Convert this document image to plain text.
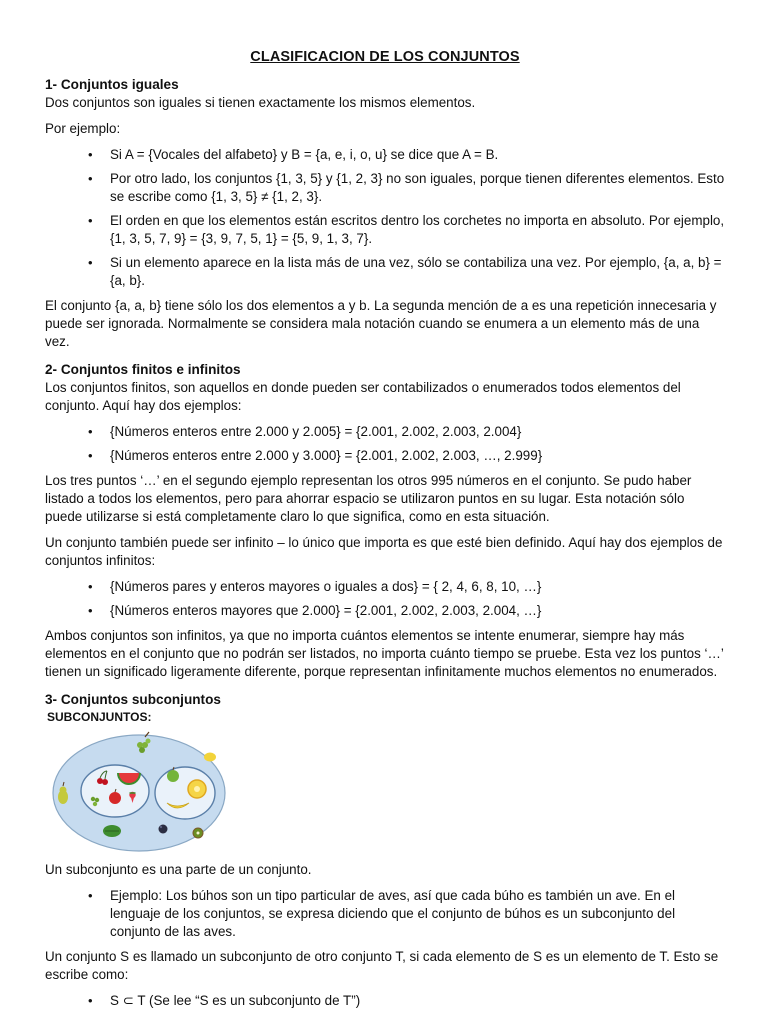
CLASIFICACION DE LOS CONJUNTOS
1- Conjuntos iguales

Dos conjuntos son iguales si tienen exactamente los mismos elementos.

Por ejemplo:

• Si A = {Vocales del alfabeto} y B = {a, e, i, o, u} se dice que A = B.
• Por otro lado, los conjuntos {1, 3, 5} y {1, 2, 3} no son iguales, porque tienen diferentes elementos. Esto se escribe como {1, 3, 5} ≠ {1, 2, 3}.
• El orden en que los elementos están escritos dentro los corchetes no importa en absoluto. Por ejemplo, {1, 3, 5, 7, 9} = {3, 9, 7, 5, 1} = {5, 9, 1, 3, 7}.
• Si un elemento aparece en la lista más de una vez, sólo se contabiliza una vez. Por ejemplo, {a, a, b} = {a, b}.

El conjunto {a, a, b} tiene sólo los dos elementos a y b. La segunda mención de a es una repetición innecesaria y puede ser ignorada. Normalmente se considera mala notación cuando se enumera a un elemento más de una vez.

2- Conjuntos finitos e infinitos

Los conjuntos finitos, son aquellos en donde pueden ser contabilizados o enumerados todos elementos del conjunto. Aquí hay dos ejemplos:

• {Números enteros entre 2.000 y 2.005} = {2.001, 2.002, 2.003, 2.004}
• {Números enteros entre 2.000 y 3.000} = {2.001, 2.002, 2.003, …, 2.999}

Los tres puntos ‘…’ en el segundo ejemplo representan los otros 995 números en el conjunto. Se pudo haber listado a todos los elementos, pero para ahorrar espacio se utilizaron puntos en su lugar. Esta notación sólo puede utilizarse si está completamente claro lo que significa, como en esta situación.

Un conjunto también puede ser infinito – lo único que importa es que esté bien definido. Aquí hay dos ejemplos de conjuntos infinitos:

• {Números pares y enteros mayores o iguales a dos} = { 2, 4, 6, 8, 10, …}
• {Números enteros mayores que 2.000} = {2.001, 2.002, 2.003, 2.004, …}

Ambos conjuntos son infinitos, ya que no importa cuántos elementos se intente enumerar, siempre hay más elementos en el conjunto que no podrán ser listados, no importa cuánto tiempo se pruebe. Esta vez los puntos ‘…’ tienen un significado ligeramente diferente, porque representan infinitamente muchos elementos no enumerados.

3- Conjuntos subconjuntos
SUBCONJUNTOS:

Un subconjunto es una parte de un conjunto.

• Ejemplo: Los búhos son un tipo particular de aves, así que cada búho es también un ave. En el lenguaje de los conjuntos, se expresa diciendo que el conjunto de búhos es un subconjunto del conjunto de las aves.

Un conjunto S es llamado un subconjunto de otro conjunto T, si cada elemento de S es un elemento de T. Esto se escribe como:

• S ⊂ T (Se lee “S es un subconjunto de T”)
